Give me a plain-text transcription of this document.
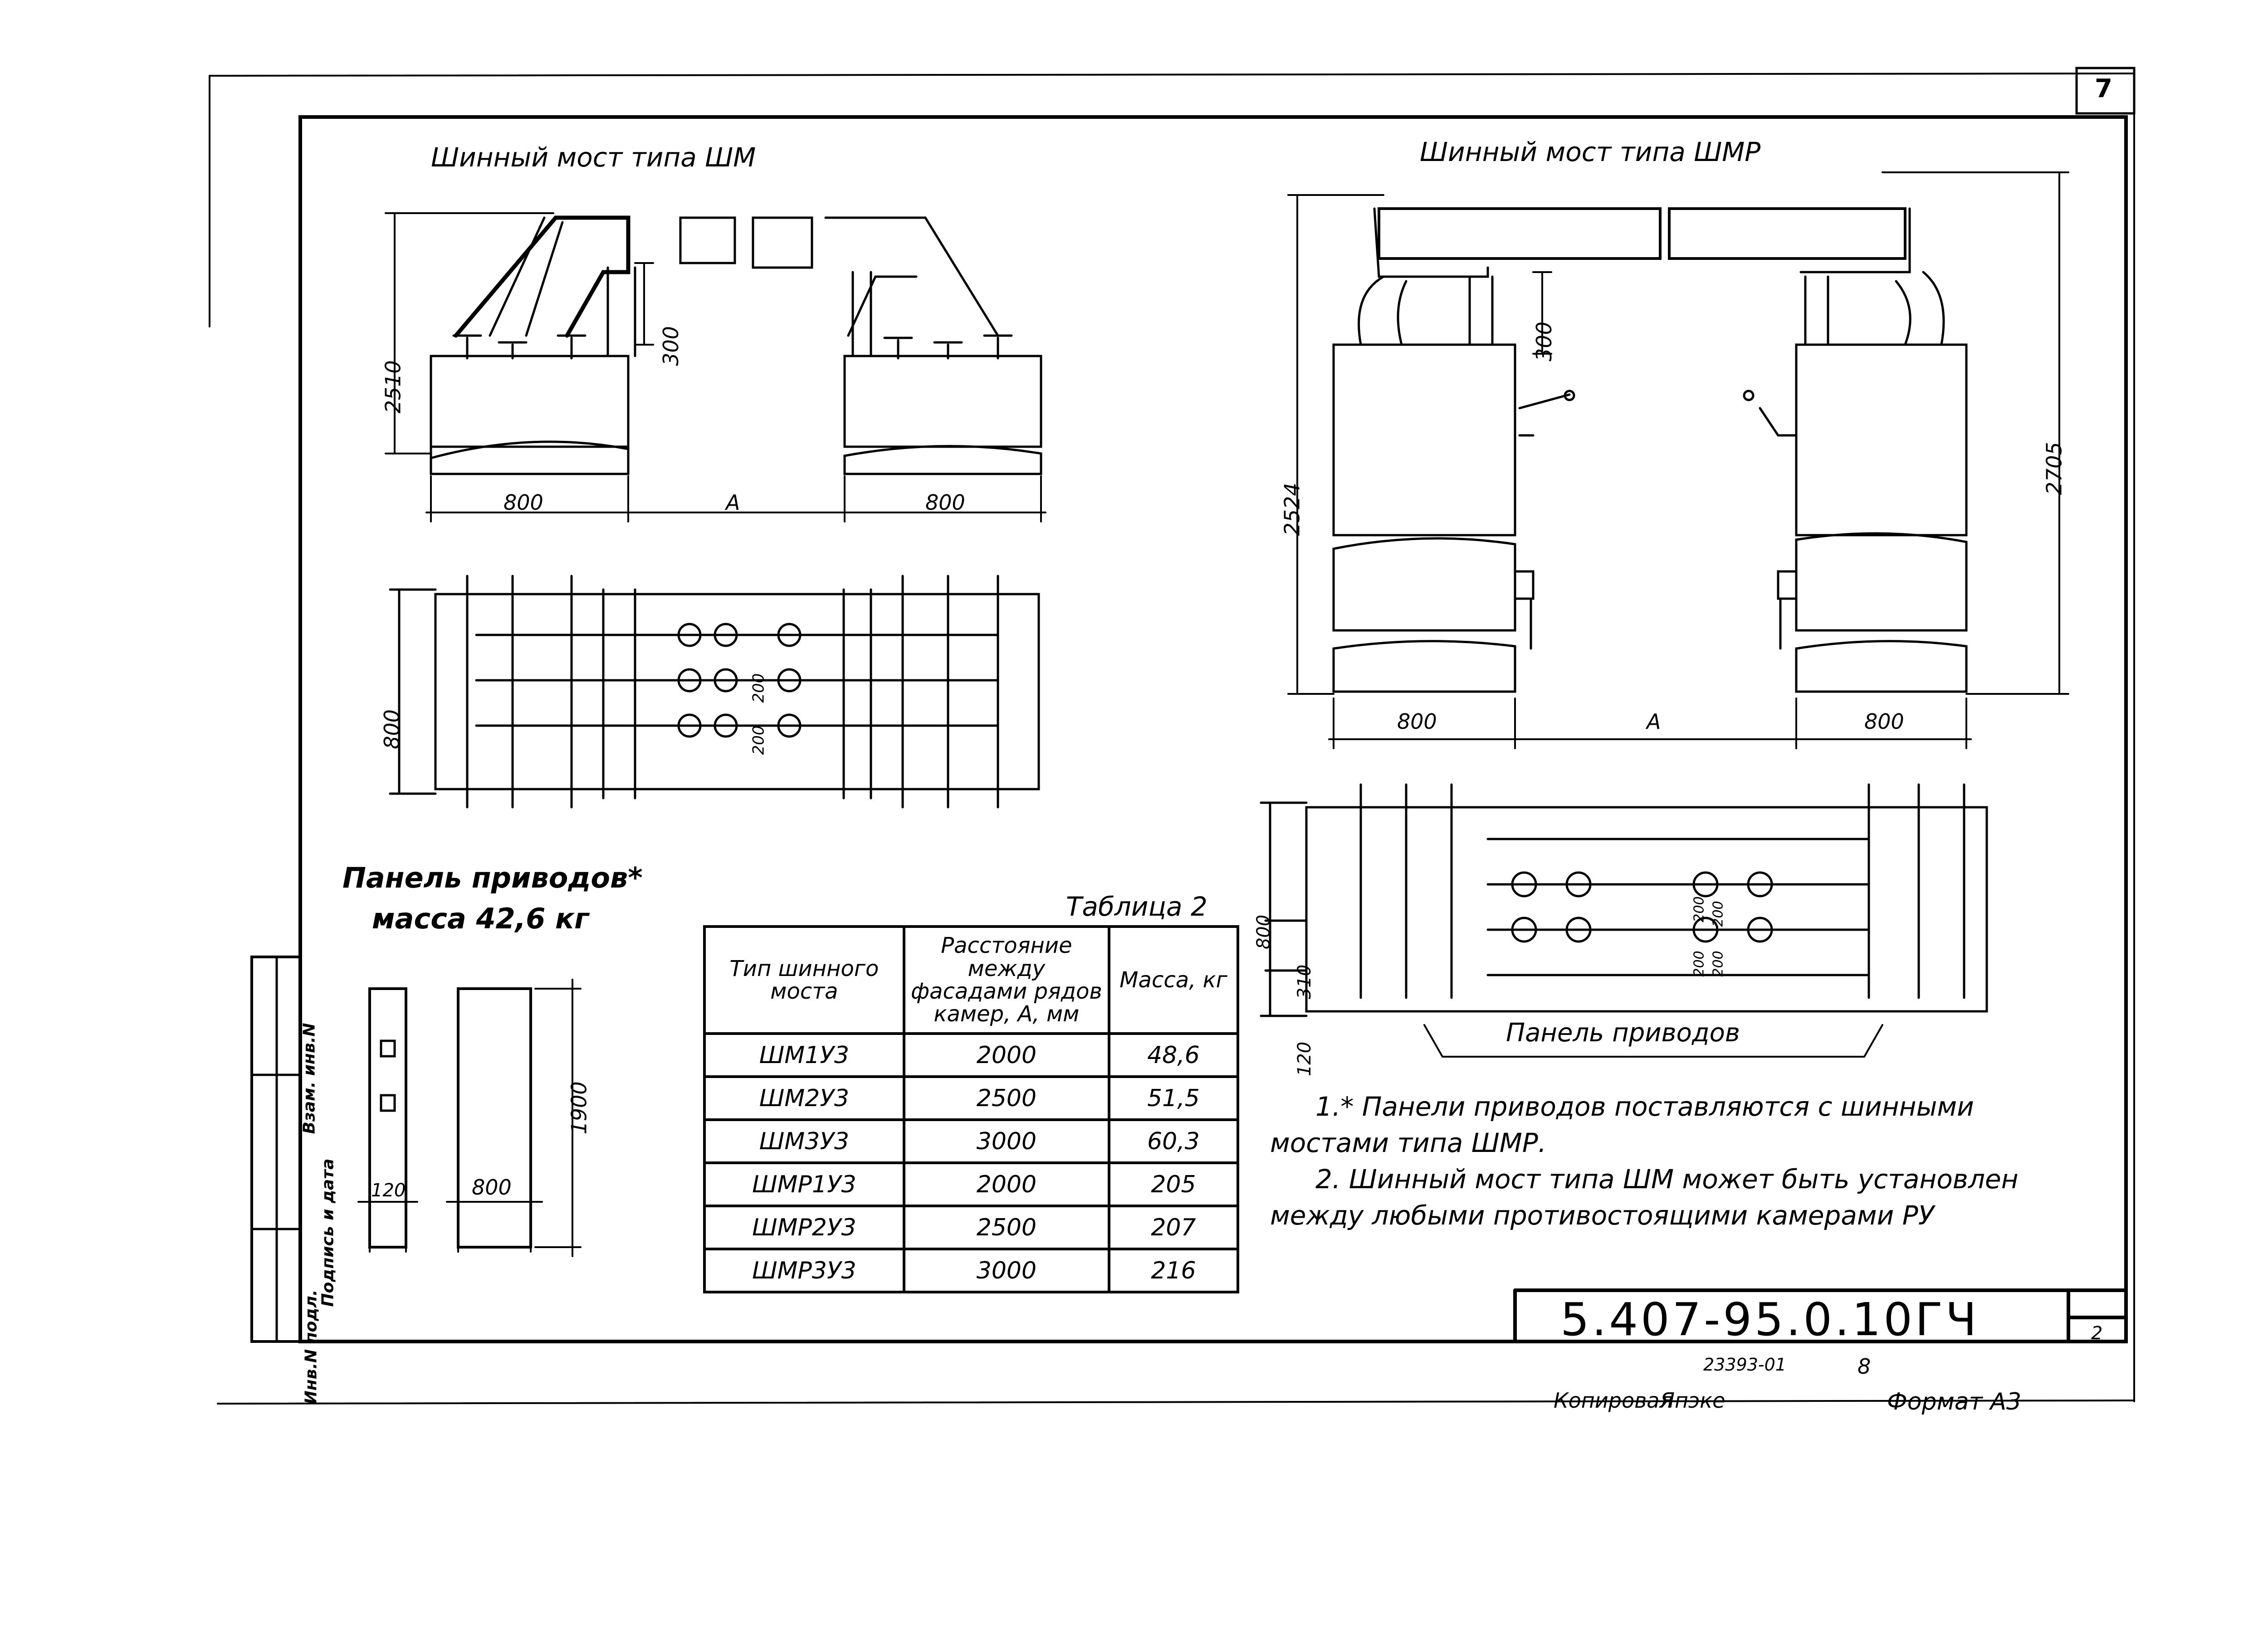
7
Шинный мост типа ШМ	Шинный мост типа ШМР
2510
300
800	А	800
800
200
200
2524
2705
300
800	А	800
800
310
120
200
200
200
200
Панель приводов
Панель приводов*
масса 42,6 кг
1900
120	800
Таблица 2
Тип шинного моста	Расстояние между фасадами рядов камер, А, мм	Масса, кг
ШМ1У3	2000	48,6
ШМ2У3	2500	51,5
ШМ3У3	3000	60,3
ШМР1У3	2000	205
ШМР2У3	2500	207
ШМР3У3	3000	216
1.* Панели приводов поставляются с шинными мостами типа ШМР.
2. Шинный мост типа ШМ может быть установлен между любыми противостоящими камерами РУ
Инв.N подл.
Подпись и дата
Взам. инв.N
5.407-95.0.10ГЧ	2
23393-01	8
Копировал
Япэке	Формат А3
